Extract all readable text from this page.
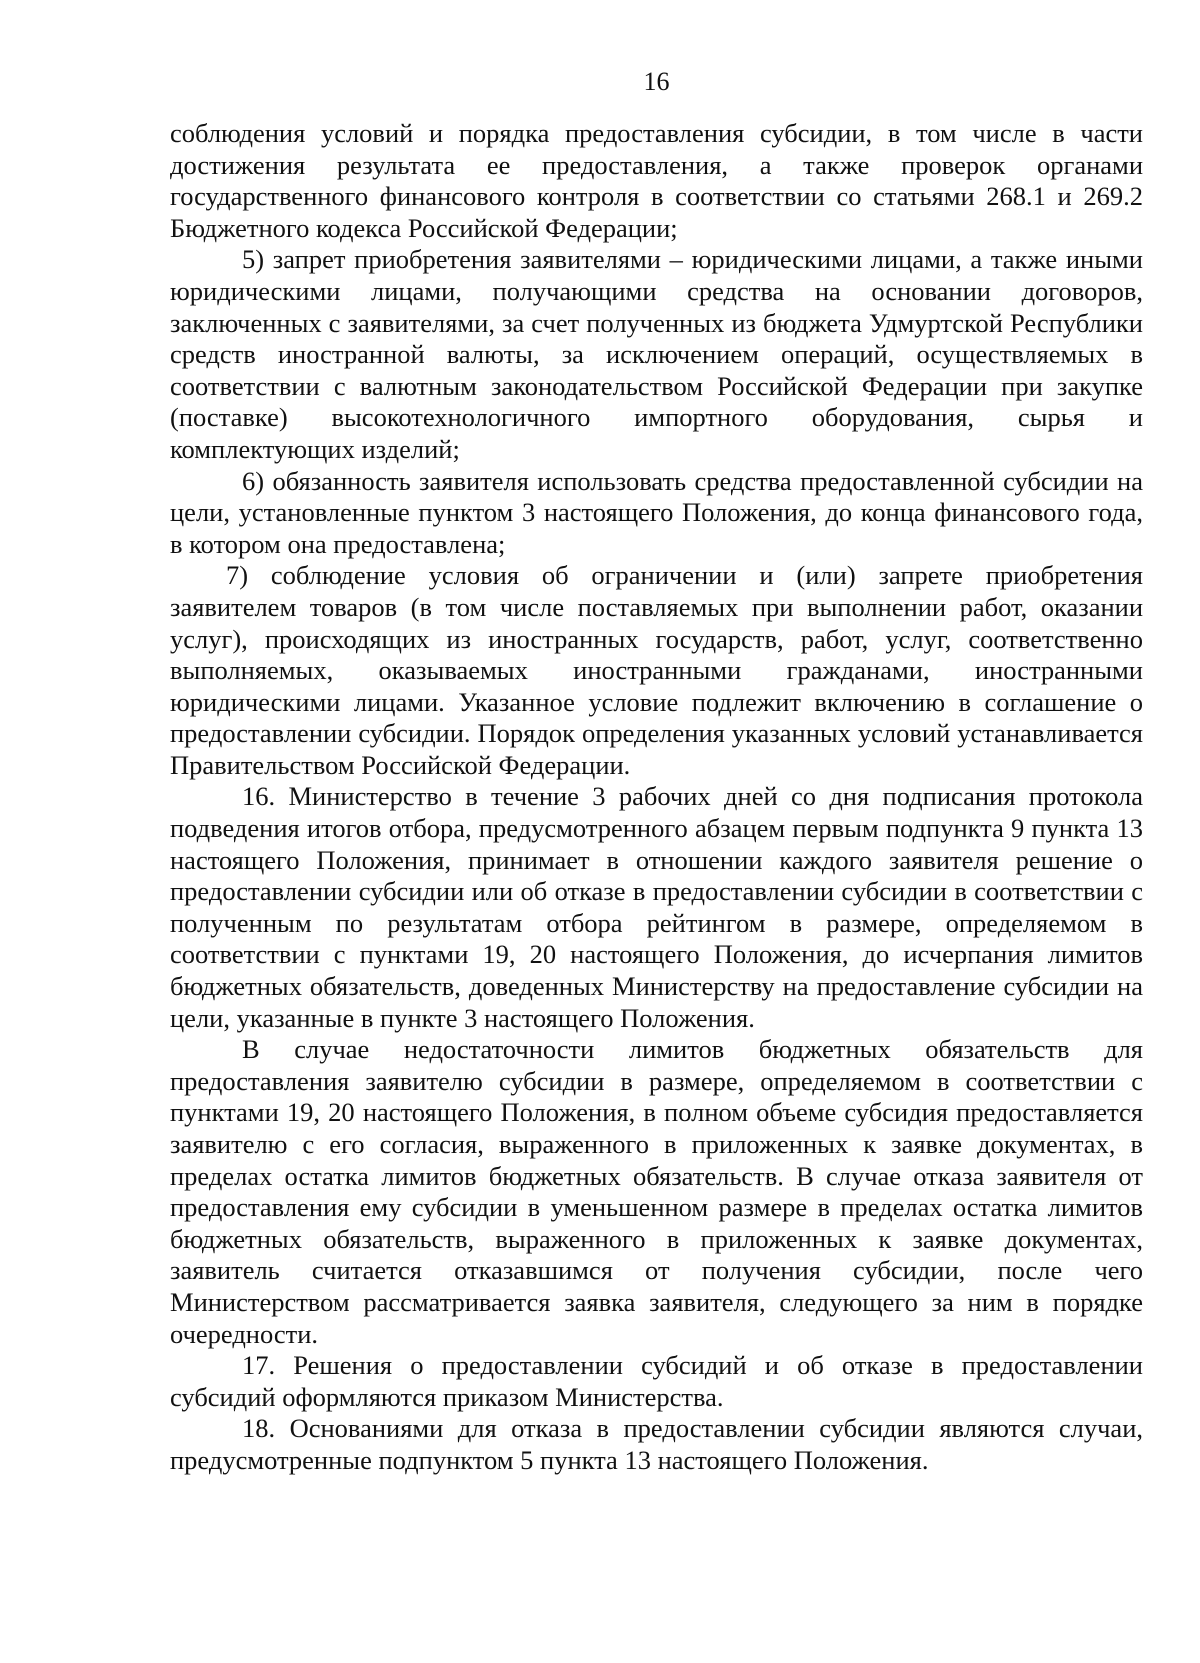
16

соблюдения условий и порядка предоставления субсидии, в том числе в части достижения результата ее предоставления, а также проверок органами государственного финансового контроля в соответствии со статьями 268.1 и 269.2 Бюджетного кодекса Российской Федерации;

5) запрет приобретения заявителями – юридическими лицами, а также иными юридическими лицами, получающими средства на основании договоров, заключенных с заявителями, за счет полученных из бюджета Удмуртской Республики средств иностранной валюты, за исключением операций, осуществляемых в соответствии с валютным законодательством Российской Федерации при закупке (поставке) высокотехнологичного импортного оборудования, сырья и комплектующих изделий;

6) обязанность заявителя использовать средства предоставленной субсидии на цели, установленные пунктом 3 настоящего Положения, до конца финансового года, в котором она предоставлена;

7) соблюдение условия об ограничении и (или) запрете приобретения заявителем товаров (в том числе поставляемых при выполнении работ, оказании услуг), происходящих из иностранных государств, работ, услуг, соответственно выполняемых, оказываемых иностранными гражданами, иностранными юридическими лицами. Указанное условие подлежит включению в соглашение о предоставлении субсидии. Порядок определения указанных условий устанавливается Правительством Российской Федерации.

16. Министерство в течение 3 рабочих дней со дня подписания протокола подведения итогов отбора, предусмотренного абзацем первым подпункта 9 пункта 13 настоящего Положения, принимает в отношении каждого заявителя решение о предоставлении субсидии или об отказе в предоставлении субсидии в соответствии с полученным по результатам отбора рейтингом в размере, определяемом в соответствии с пунктами 19, 20 настоящего Положения, до исчерпания лимитов бюджетных обязательств, доведенных Министерству на предоставление субсидии на цели, указанные в пункте 3 настоящего Положения.

В случае недостаточности лимитов бюджетных обязательств для предоставления заявителю субсидии в размере, определяемом в соответствии с пунктами 19, 20 настоящего Положения, в полном объеме субсидия предоставляется заявителю с его согласия, выраженного в приложенных к заявке документах, в пределах остатка лимитов бюджетных обязательств. В случае отказа заявителя от предоставления ему субсидии в уменьшенном размере в пределах остатка лимитов бюджетных обязательств, выраженного в приложенных к заявке документах, заявитель считается отказавшимся от получения субсидии, после чего Министерством рассматривается заявка заявителя, следующего за ним в порядке очередности.

17. Решения о предоставлении субсидий и об отказе в предоставлении субсидий оформляются приказом Министерства.

18. Основаниями для отказа в предоставлении субсидии являются случаи, предусмотренные подпунктом 5 пункта 13 настоящего Положения.
